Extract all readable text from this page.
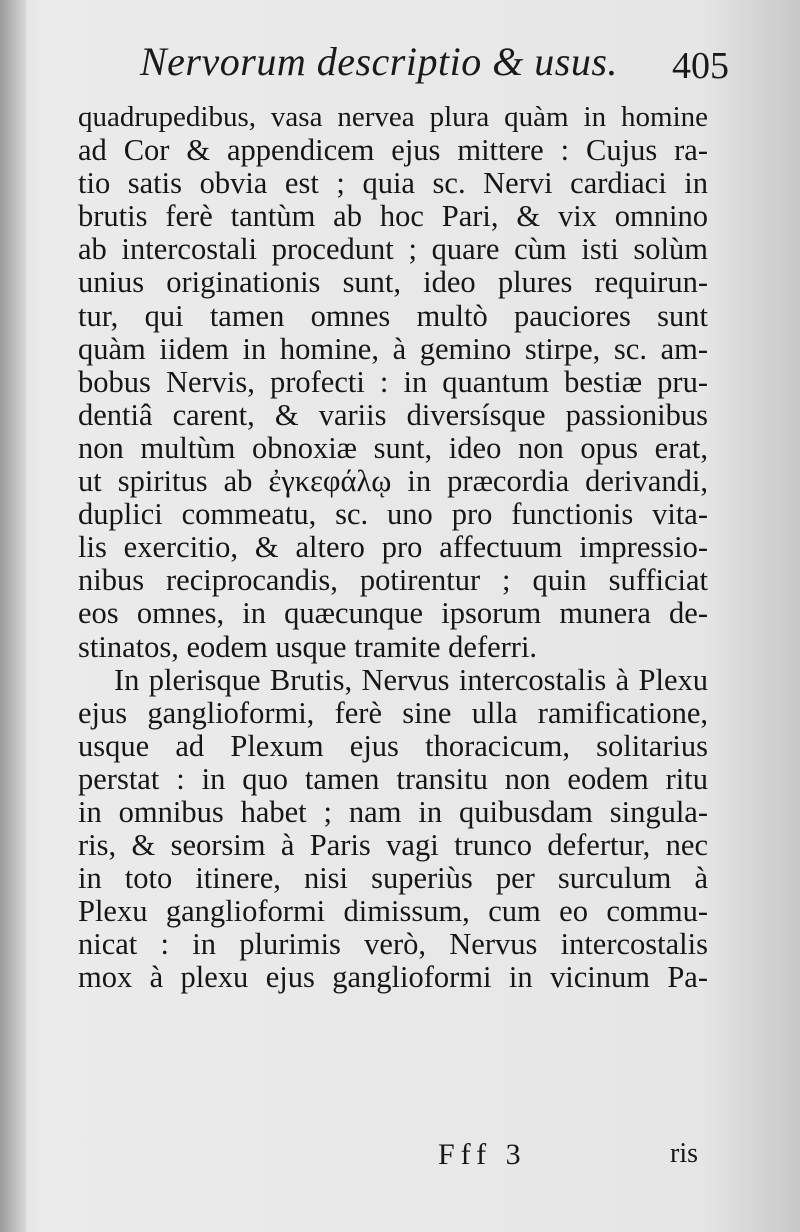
Nervorum descriptio & usus. 405
quadrupedibus, vasa nervea plura quàm in homine
ad Cor & appendicem ejus mittere : Cujus ra-
tio satis obvia est ; quia sc. Nervi cardiaci in
brutis ferè tantùm ab hoc Pari, & vix omnino
ab intercostali procedunt ; quare cùm isti solùm
unius originationis sunt, ideo plures requirun-
tur, qui tamen omnes multò pauciores sunt
quàm iidem in homine, à gemino stirpe, sc. am-
bobus Nervis, profecti : in quantum bestiæ pru-
dentiâ carent, & variis diversísque passionibus
non multùm obnoxiæ sunt, ideo non opus erat,
ut spiritus ab ἐγκεφάλῳ in præcordia derivandi,
duplici commeatu, sc. uno pro functionis vita-
lis exercitio, & altero pro affectuum impressio-
nibus reciprocandis, potirentur ; quin sufficiat
eos omnes, in quæcunque ipsorum munera de-
stinatos, eodem usque tramite deferri.
In plerisque Brutis, Nervus intercostalis à Plexu
ejus ganglioformi, ferè sine ulla ramificatione,
usque ad Plexum ejus thoracicum, solitarius
perstat : in quo tamen transitu non eodem ritu
in omnibus habet ; nam in quibusdam singula-
ris, & seorsim à Paris vagi trunco defertur, nec
in toto itinere, nisi superiùs per surculum à
Plexu ganglioformi dimissum, cum eo commu-
nicat : in plurimis verò, Nervus intercostalis
mox à plexu ejus ganglioformi in vicinum Pa-
Fff 3	ris
